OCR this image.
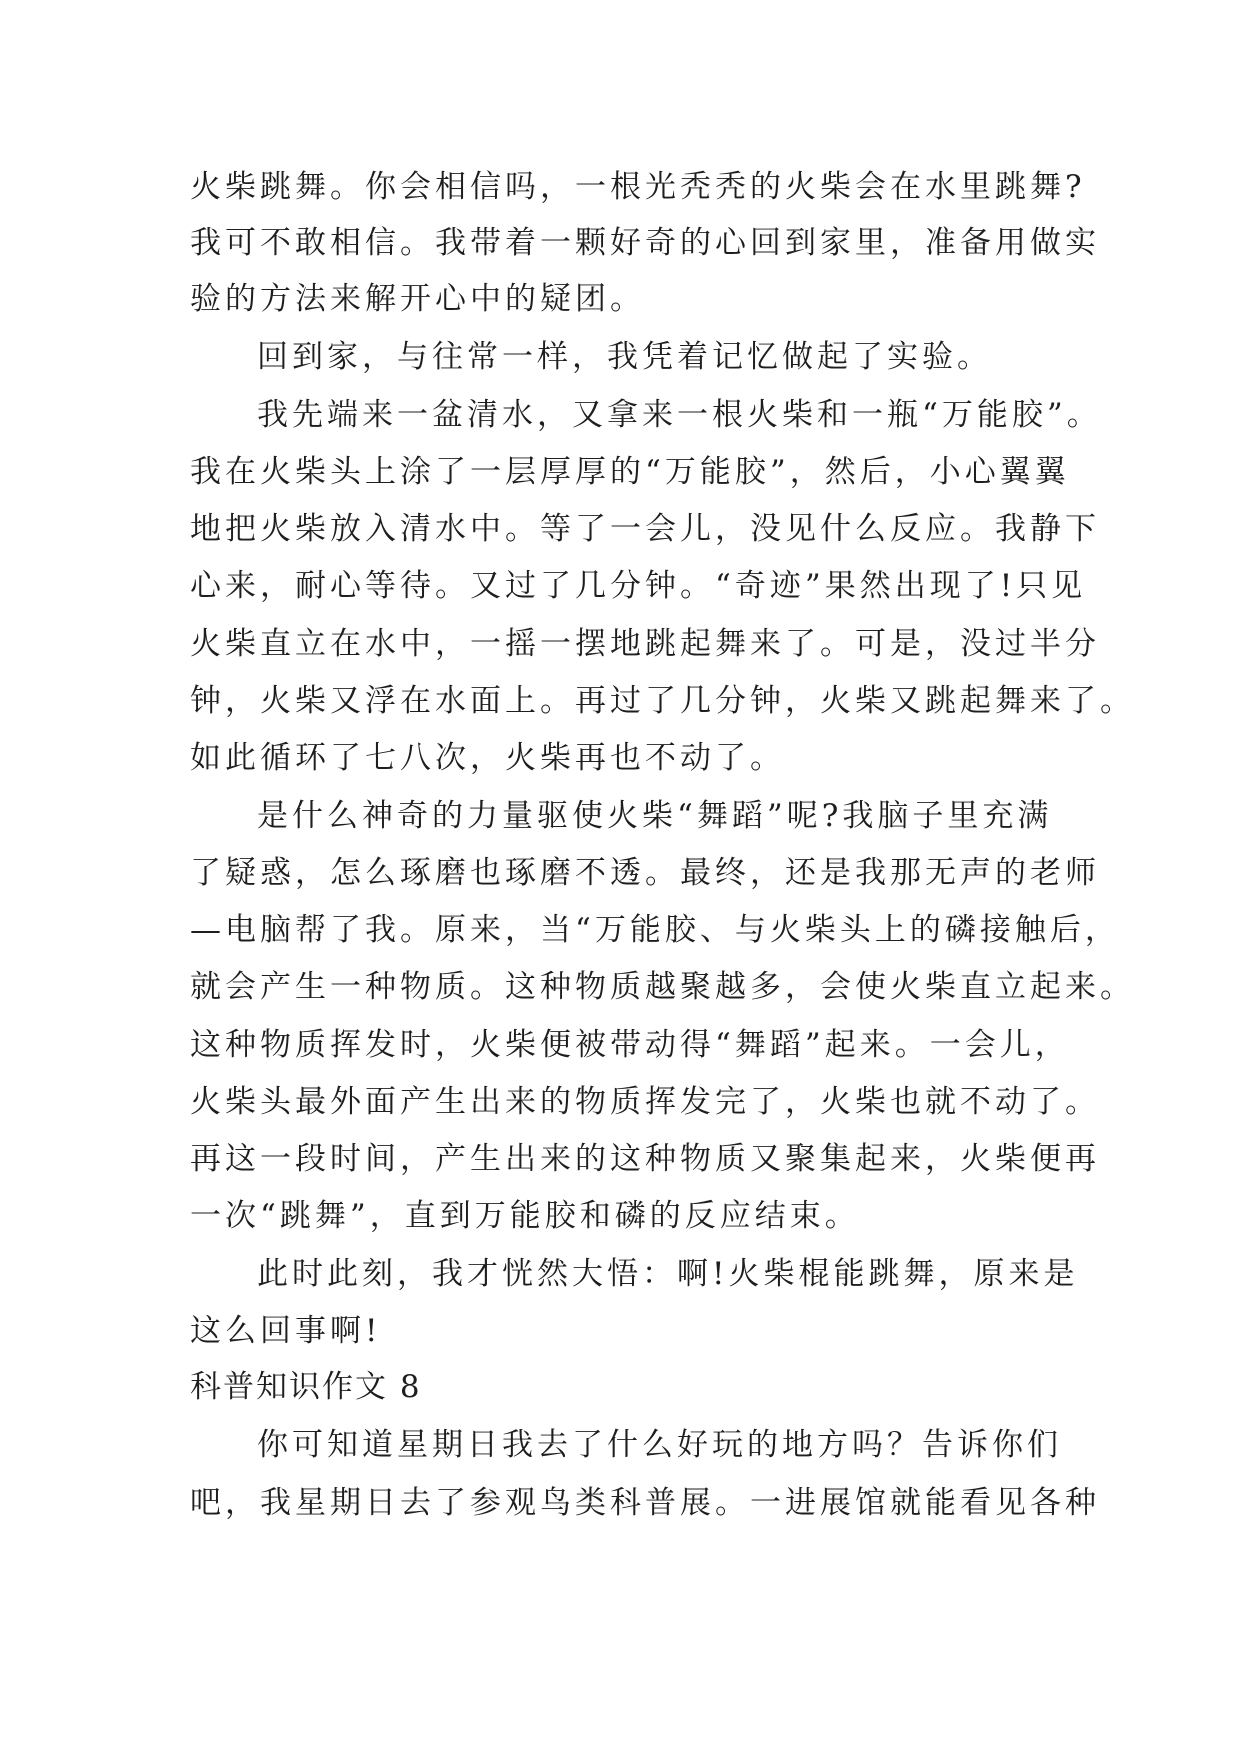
火柴跳舞。你会相信吗，一根光秃秃的火柴会在水里跳舞?
我可不敢相信。我带着一颗好奇的心回到家里，准备用做实
验的方法来解开心中的疑团。
回到家，与往常一样，我凭着记忆做起了实验。
我先端来一盆清水，又拿来一根火柴和一瓶“万能胶”。
我在火柴头上涂了一层厚厚的“万能胶”，然后，小心翼翼
地把火柴放入清水中。等了一会儿，没见什么反应。我静下
心来，耐心等待。又过了几分钟。“奇迹”果然出现了!只见
火柴直立在水中，一摇一摆地跳起舞来了。可是，没过半分
钟，火柴又浮在水面上。再过了几分钟，火柴又跳起舞来了。
如此循环了七八次，火柴再也不动了。
是什么神奇的力量驱使火柴“舞蹈”呢?我脑子里充满
了疑惑，怎么琢磨也琢磨不透。最终，还是我那无声的老师
—电脑帮了我。原来，当“万能胶、与火柴头上的磷接触后，
就会产生一种物质。这种物质越聚越多，会使火柴直立起来。
这种物质挥发时，火柴便被带动得“舞蹈”起来。一会儿，
火柴头最外面产生出来的物质挥发完了，火柴也就不动了。
再这一段时间，产生出来的这种物质又聚集起来，火柴便再
一次“跳舞”，直到万能胶和磷的反应结束。
此时此刻，我才恍然大悟：啊!火柴棍能跳舞，原来是
这么回事啊!
科普知识作文 8
你可知道星期日我去了什么好玩的地方吗？告诉你们
吧，我星期日去了参观鸟类科普展。一进展馆就能看见各种
